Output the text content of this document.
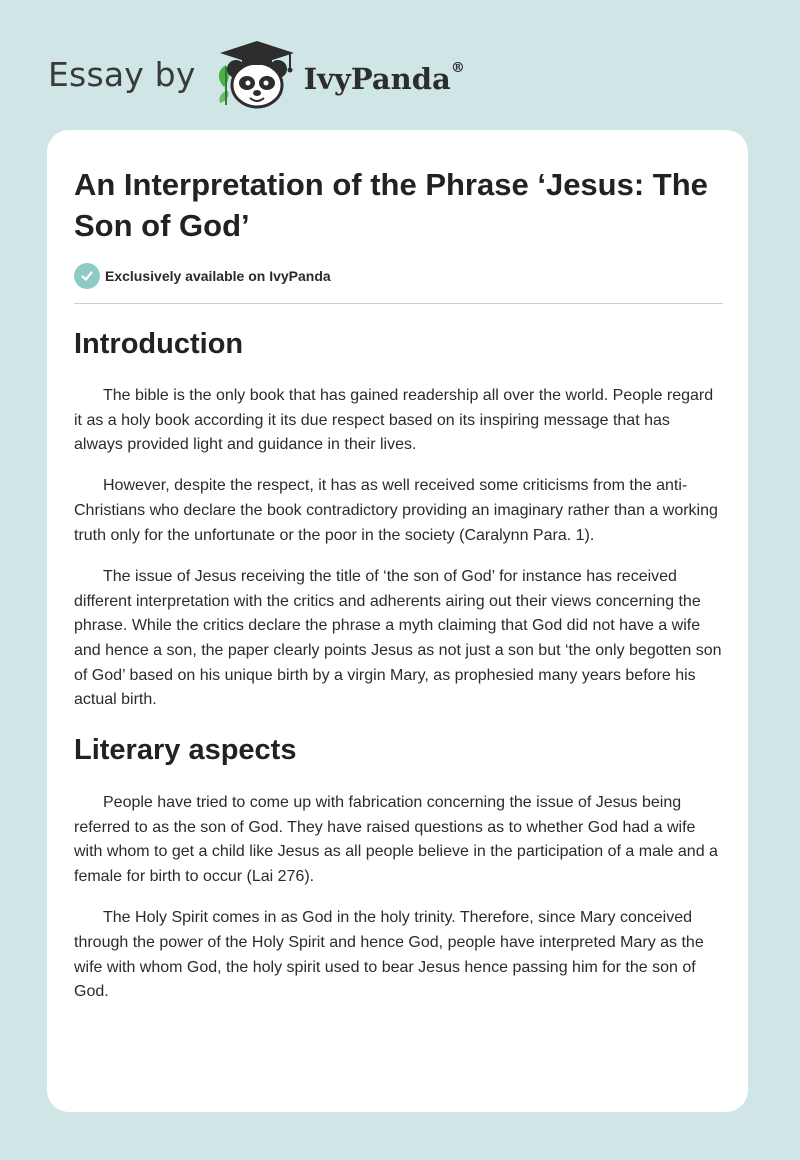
Essay by	IvyPanda®
An Interpretation of the Phrase ‘Jesus: The Son of God’
Exclusively available on IvyPanda
Introduction

The bible is the only book that has gained readership all over the world. People regard it as a holy book according it its due respect based on its inspiring message that has always provided light and guidance in their lives.

However, despite the respect, it has as well received some criticisms from the anti-Christians who declare the book contradictory providing an imaginary rather than a working truth only for the unfortunate or the poor in the society (Caralynn Para. 1).

The issue of Jesus receiving the title of ‘the son of God’ for instance has received different interpretation with the critics and adherents airing out their views concerning the phrase. While the critics declare the phrase a myth claiming that God did not have a wife and hence a son, the paper clearly points Jesus as not just a son but ‘the only begotten son of God’ based on his unique birth by a virgin Mary, as prophesied many years before his actual birth.

Literary aspects

People have tried to come up with fabrication concerning the issue of Jesus being referred to as the son of God. They have raised questions as to whether God had a wife with whom to get a child like Jesus as all people believe in the participation of a male and a female for birth to occur (Lai 276).

The Holy Spirit comes in as God in the holy trinity. Therefore, since Mary conceived through the power of the Holy Spirit and hence God, people have interpreted Mary as the wife with whom God, the holy spirit used to bear Jesus hence passing him for the son of God.
